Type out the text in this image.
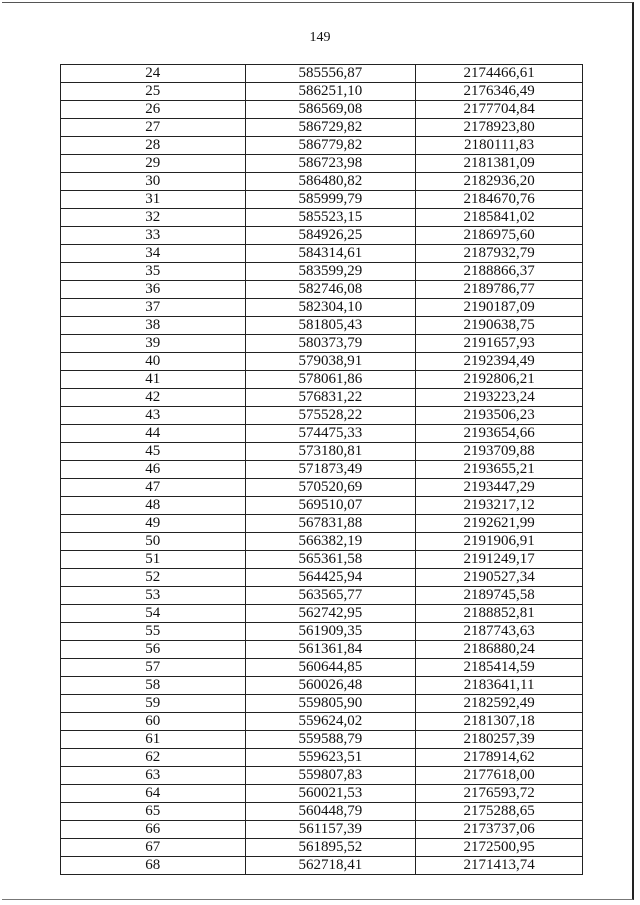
149
24	585556,87	2174466,61
25	586251,10	2176346,49
26	586569,08	2177704,84
27	586729,82	2178923,80
28	586779,82	2180111,83
29	586723,98	2181381,09
30	586480,82	2182936,20
31	585999,79	2184670,76
32	585523,15	2185841,02
33	584926,25	2186975,60
34	584314,61	2187932,79
35	583599,29	2188866,37
36	582746,08	2189786,77
37	582304,10	2190187,09
38	581805,43	2190638,75
39	580373,79	2191657,93
40	579038,91	2192394,49
41	578061,86	2192806,21
42	576831,22	2193223,24
43	575528,22	2193506,23
44	574475,33	2193654,66
45	573180,81	2193709,88
46	571873,49	2193655,21
47	570520,69	2193447,29
48	569510,07	2193217,12
49	567831,88	2192621,99
50	566382,19	2191906,91
51	565361,58	2191249,17
52	564425,94	2190527,34
53	563565,77	2189745,58
54	562742,95	2188852,81
55	561909,35	2187743,63
56	561361,84	2186880,24
57	560644,85	2185414,59
58	560026,48	2183641,11
59	559805,90	2182592,49
60	559624,02	2181307,18
61	559588,79	2180257,39
62	559623,51	2178914,62
63	559807,83	2177618,00
64	560021,53	2176593,72
65	560448,79	2175288,65
66	561157,39	2173737,06
67	561895,52	2172500,95
68	562718,41	2171413,74
